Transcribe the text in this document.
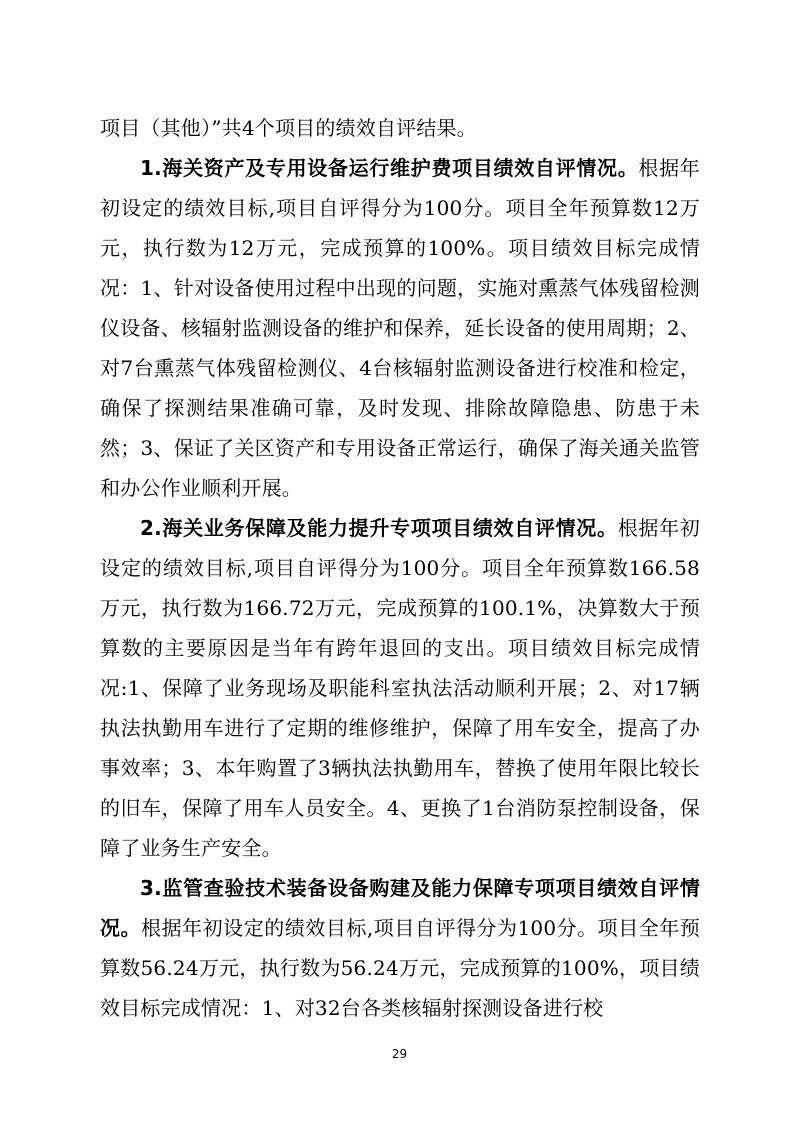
项目（其他）”共4个项目的绩效自评结果。

1.海关资产及专用设备运行维护费项目绩效自评情况。根据年初设定的绩效目标,项目自评得分为100分。项目全年预算数12万元，执行数为12万元，完成预算的100%。项目绩效目标完成情况：1、针对设备使用过程中出现的问题，实施对熏蒸气体残留检测仪设备、核辐射监测设备的维护和保养，延长设备的使用周期；2、 对7台熏蒸气体残留检测仪、4台核辐射监测设备进行校准和检定，确保了探测结果准确可靠，及时发现、排除故障隐患、防患于未然；3、保证了关区资产和专用设备正常运行，确保了海关通关监管和办公作业顺利开展。

2.海关业务保障及能力提升专项项目绩效自评情况。根据年初设定的绩效目标,项目自评得分为100分。项目全年预算数166.58万元，执行数为166.72万元，完成预算的100.1%，决算数大于预算数的主要原因是当年有跨年退回的支出。项目绩效目标完成情况:1、保障了业务现场及职能科室执法活动顺利开展；2、对17辆执法执勤用车进行了定期的维修维护，保障了用车安全，提高了办事效率；3、本年购置了3辆执法执勤用车，替换了使用年限比较长的旧车，保障了用车人员安全。4、更换了1台消防泵控制设备，保障了业务生产安全。

3.监管查验技术装备设备购建及能力保障专项项目绩效自评情况。根据年初设定的绩效目标,项目自评得分为100分。项目全年预算数56.24万元，执行数为56.24万元，完成预算的100%，项目绩效目标完成情况：1、对32台各类核辐射探测设备进行校

29
